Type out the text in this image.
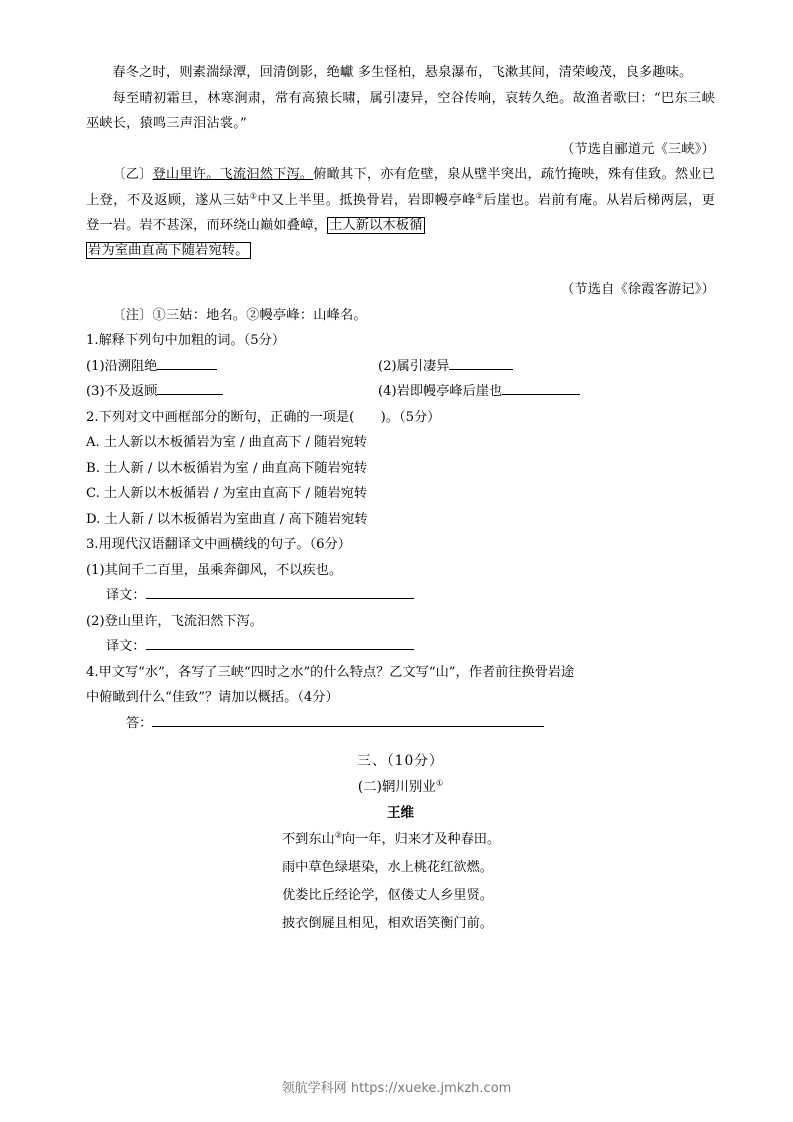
春冬之时，则素湍绿潭，回清倒影，绝巘 多生怪柏，悬泉瀑布，飞漱其间，清荣峻茂，良多趣味。

每至晴初霜旦，林寒涧肃，常有高猿长啸，属引凄异，空谷传响，哀转久绝。故渔者歌曰：“巴东三峡巫峡长，猿鸣三声泪沾裳。”

（节选自郦道元《三峡》）

〔乙〕登山里许。飞流汩然下泻。俯瞰其下，亦有危壁，泉从壁半突出，疏竹掩映，殊有佳致。然业已上登，不及返顾，遂从三姑①中又上半里。抵换骨岩，岩即幔亭峰②后崖也。岩前有庵。从岩后梯两层，更登一岩。岩不甚深，而环绕山巅如叠嶂， 土人新以木板循

岩为室曲直高下随岩宛转。

（节选自《徐霞客游记》）

〔注〕①三姑：地名。②幔亭峰：山峰名。

1.解释下列句中加粗的词。（5分）

(1)沿溯阻绝	(2)属引凄异
(3)不及返顾	(4)岩即幔亭峰后崖也

2.下列对文中画框部分的断句，正确的一项是(　　)。（5分）

A. 土人新以木板循岩为室 / 曲直高下 / 随岩宛转

B. 土人新 / 以木板循岩为室 / 曲直高下随岩宛转

C. 土人新以木板循岩 / 为室由直高下 / 随岩宛转

D. 土人新 / 以木板循岩为室曲直 / 高下随岩宛转

3.用现代汉语翻译文中画横线的句子。（6分）

(1)其间千二百里，虽乘奔御风，不以疾也。

译文：

(2)登山里许，飞流汩然下泻。

译文：

4.甲文写“水”，各写了三峡“四时之水”的什么特点？乙文写“山”，作者前往换骨岩途

中俯瞰到什么“佳致”？请加以概括。（4分）

答：

三、（10分）

(二)辋川别业①

王维

不到东山②向一年，归来才及种春田。

雨中草色绿堪染，水上桃花红欲燃。

优娄比丘经论学，伛偻丈人乡里贤。

披衣倒屣且相见，相欢语笑衡门前。

领航学科网 https://xueke.jmkzh.com
